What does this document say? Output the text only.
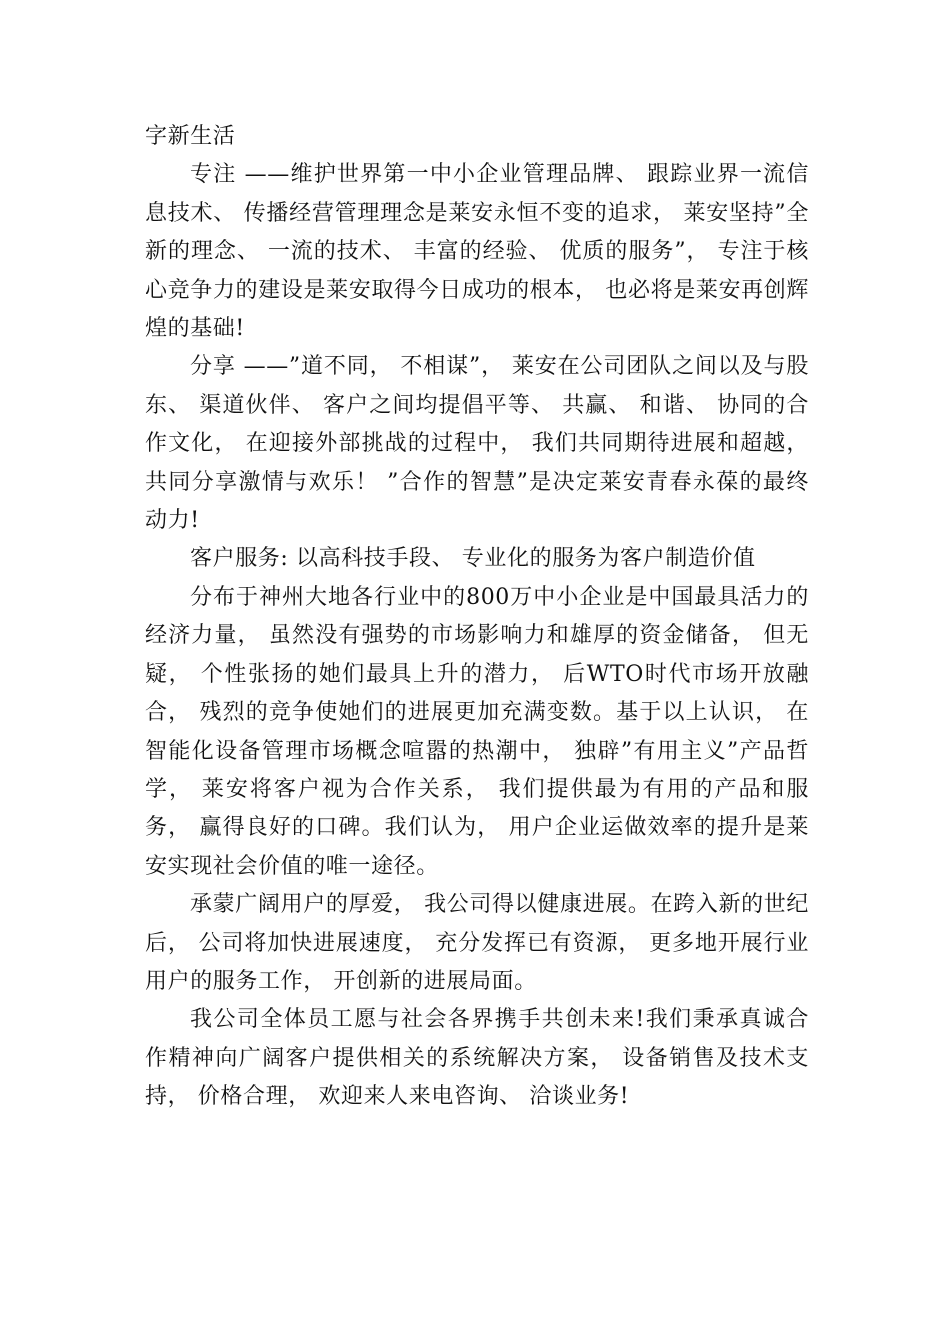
字新生活

专注 ——维护世界第一中小企业管理品牌、 跟踪业界一流信息技术、 传播经营管理理念是莱安永恒不变的追求， 莱安坚持”全新的理念、 一流的技术、 丰富的经验、 优质的服务”， 专注于核心竞争力的建设是莱安取得今日成功的根本， 也必将是莱安再创辉煌的基础!

分享 ——”道不同， 不相谋”， 莱安在公司团队之间以及与股东、 渠道伙伴、 客户之间均提倡平等、 共赢、 和谐、 协同的合作文化， 在迎接外部挑战的过程中， 我们共同期待进展和超越， 共同分享激情与欢乐！ ”合作的智慧”是决定莱安青春永葆的最终动力!

客户服务: 以高科技手段、 专业化的服务为客户制造价值

分布于神州大地各行业中的800万中小企业是中国最具活力的经济力量， 虽然没有强势的市场影响力和雄厚的资金储备， 但无疑， 个性张扬的她们最具上升的潜力， 后WTO时代市场开放融合， 残烈的竞争使她们的进展更加充满变数。基于以上认识， 在智能化设备管理市场概念喧嚣的热潮中， 独辟”有用主义”产品哲学， 莱安将客户视为合作关系， 我们提供最为有用的产品和服务， 赢得良好的口碑。我们认为， 用户企业运做效率的提升是莱安实现社会价值的唯一途径。

承蒙广阔用户的厚爱， 我公司得以健康进展。在跨入新的世纪后， 公司将加快进展速度， 充分发挥已有资源， 更多地开展行业用户的服务工作， 开创新的进展局面。

我公司全体员工愿与社会各界携手共创未来!我们秉承真诚合作精神向广阔客户提供相关的系统解决方案， 设备销售及技术支持， 价格合理， 欢迎来人来电咨询、 洽谈业务!
